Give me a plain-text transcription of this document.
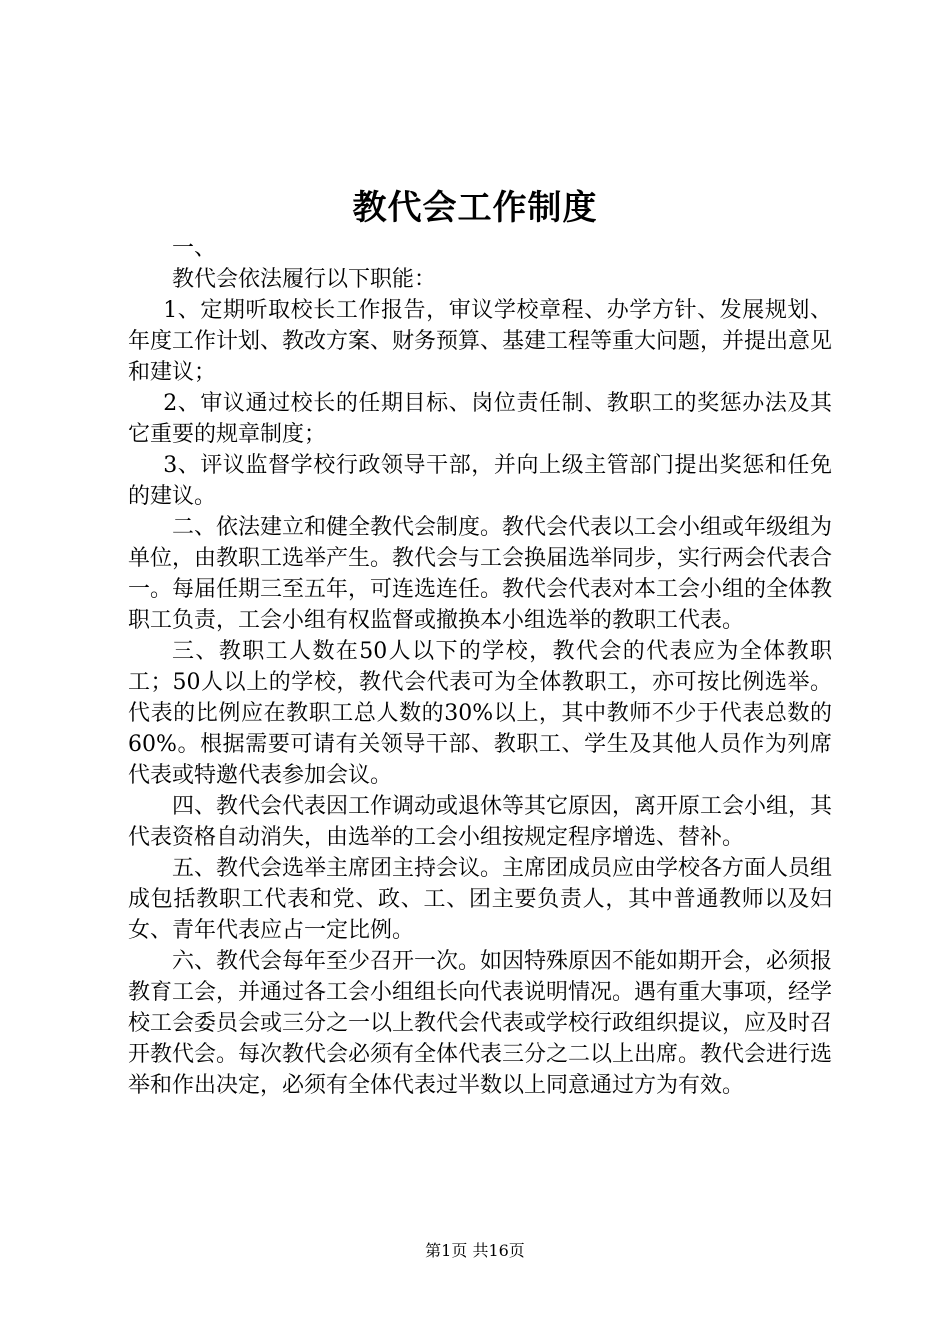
教代会工作制度

一、

教代会依法履行以下职能：

1、定期听取校长工作报告，审议学校章程、办学方针、发展规划、年度工作计划、教改方案、财务预算、基建工程等重大问题，并提出意见和建议；

2、审议通过校长的任期目标、岗位责任制、教职工的奖惩办法及其它重要的规章制度；

3、评议监督学校行政领导干部，并向上级主管部门提出奖惩和任免的建议。

二、依法建立和健全教代会制度。教代会代表以工会小组或年级组为单位，由教职工选举产生。教代会与工会换届选举同步，实行两会代表合一。每届任期三至五年，可连选连任。教代会代表对本工会小组的全体教职工负责，工会小组有权监督或撤换本小组选举的教职工代表。

三、教职工人数在50人以下的学校，教代会的代表应为全体教职工；50人以上的学校，教代会代表可为全体教职工，亦可按比例选举。代表的比例应在教职工总人数的30%以上，其中教师不少于代表总数的60%。根据需要可请有关领导干部、教职工、学生及其他人员作为列席代表或特邀代表参加会议。

四、教代会代表因工作调动或退休等其它原因，离开原工会小组，其代表资格自动消失，由选举的工会小组按规定程序增选、替补。

五、教代会选举主席团主持会议。主席团成员应由学校各方面人员组成包括教职工代表和党、政、工、团主要负责人，其中普通教师以及妇女、青年代表应占一定比例。

六、教代会每年至少召开一次。如因特殊原因不能如期开会，必须报教育工会，并通过各工会小组组长向代表说明情况。遇有重大事项，经学校工会委员会或三分之一以上教代会代表或学校行政组织提议，应及时召开教代会。每次教代会必须有全体代表三分之二以上出席。教代会进行选举和作出决定，必须有全体代表过半数以上同意通过方为有效。

第1页 共16页
